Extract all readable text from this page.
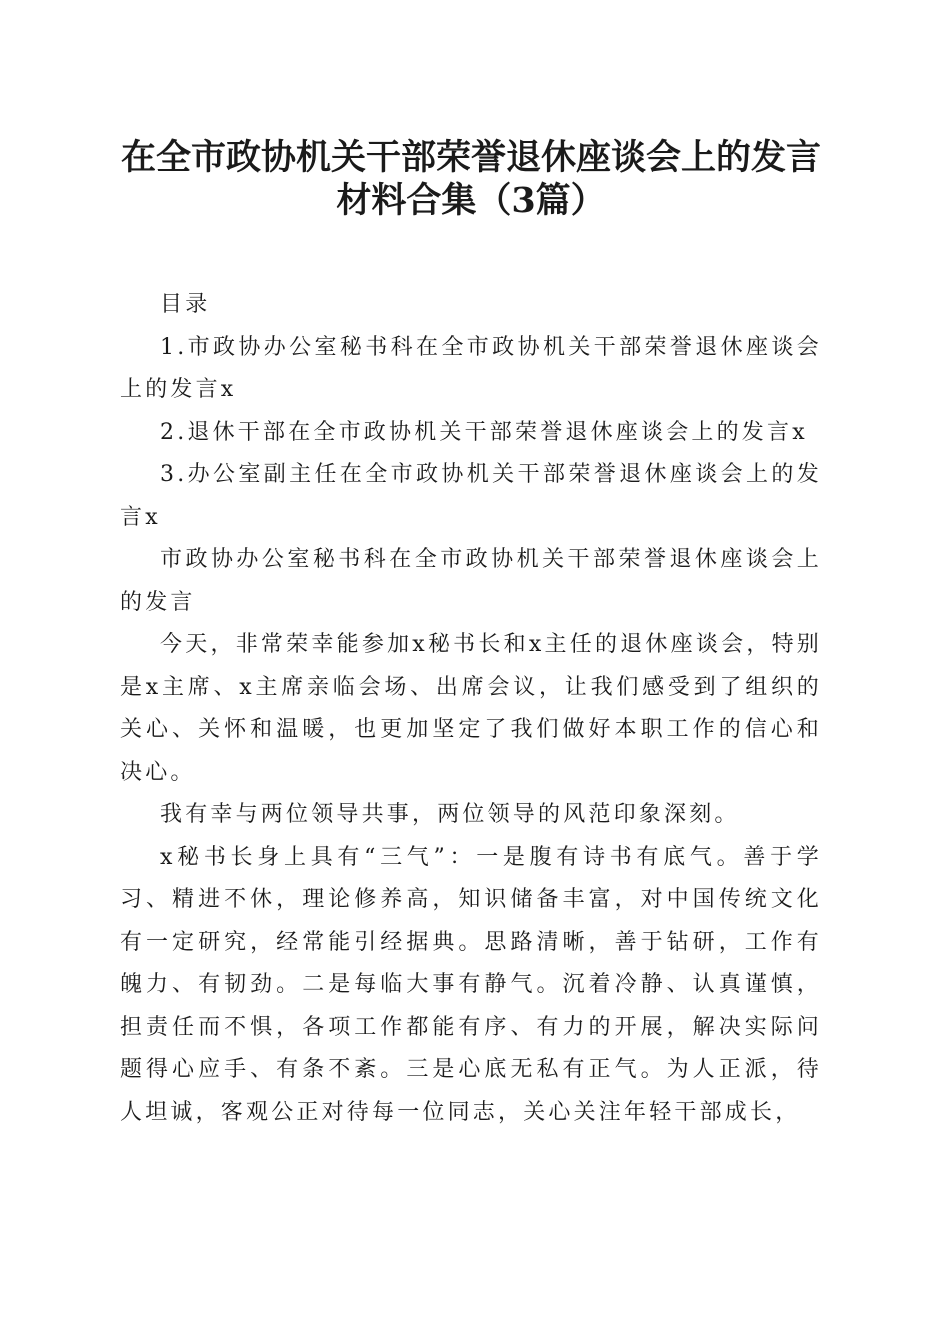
在全市政协机关干部荣誉退休座谈会上的发言
材料合集（3篇）

目录

1.市政协办公室秘书科在全市政协机关干部荣誉退休座谈会上的发言x

2.退休干部在全市政协机关干部荣誉退休座谈会上的发言x

3.办公室副主任在全市政协机关干部荣誉退休座谈会上的发言x

市政协办公室秘书科在全市政协机关干部荣誉退休座谈会上的发言

今天，非常荣幸能参加x秘书长和x主任的退休座谈会，特别是x主席、x主席亲临会场、出席会议，让我们感受到了组织的关心、关怀和温暖，也更加坚定了我们做好本职工作的信心和决心。

我有幸与两位领导共事，两位领导的风范印象深刻。

x秘书长身上具有“三气”：一是腹有诗书有底气。善于学习、精进不休，理论修养高，知识储备丰富，对中国传统文化有一定研究，经常能引经据典。思路清晰，善于钻研，工作有魄力、有韧劲。二是每临大事有静气。沉着冷静、认真谨慎，担责任而不惧，各项工作都能有序、有力的开展，解决实际问题得心应手、有条不紊。三是心底无私有正气。为人正派，待人坦诚，客观公正对待每一位同志，关心关注年轻干部成长，
